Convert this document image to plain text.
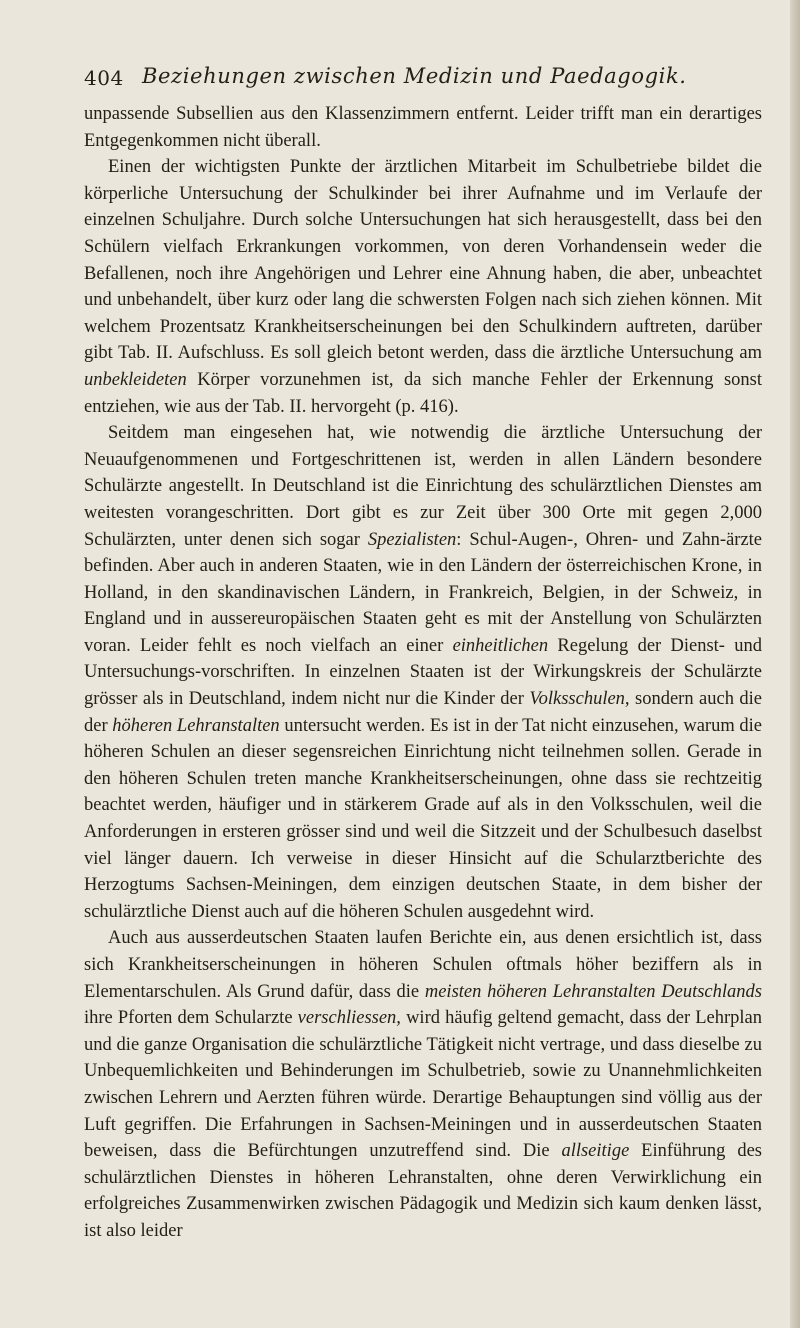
404 Beziehungen zwischen Medizin und Paedagogik.

unpassende Subsellien aus den Klassenzimmern entfernt. Leider trifft man ein derartiges Entgegenkommen nicht überall.

Einen der wichtigsten Punkte der ärztlichen Mitarbeit im Schulbetriebe bildet die körperliche Untersuchung der Schulkinder bei ihrer Aufnahme und im Verlaufe der einzelnen Schuljahre. Durch solche Untersuchungen hat sich herausgestellt, dass bei den Schülern vielfach Erkrankungen vorkommen, von deren Vorhandensein weder die Befallenen, noch ihre Angehörigen und Lehrer eine Ahnung haben, die aber, unbeachtet und unbehandelt, über kurz oder lang die schwersten Folgen nach sich ziehen können. Mit welchem Prozentsatz Krankheitserscheinungen bei den Schulkindern auftreten, darüber gibt Tab. II. Aufschluss. Es soll gleich betont werden, dass die ärztliche Untersuchung am unbekleideten Körper vorzunehmen ist, da sich manche Fehler der Erkennung sonst entziehen, wie aus der Tab. II. hervorgeht (p. 416).

Seitdem man eingesehen hat, wie notwendig die ärztliche Untersuchung der Neuaufgenommenen und Fortgeschrittenen ist, werden in allen Ländern besondere Schulärzte angestellt. In Deutschland ist die Einrichtung des schulärztlichen Dienstes am weitesten vorangeschritten. Dort gibt es zur Zeit über 300 Orte mit gegen 2,000 Schulärzten, unter denen sich sogar Spezialisten: Schul-Augen-, Ohren- und Zahn-ärzte befinden. Aber auch in anderen Staaten, wie in den Ländern der österreichischen Krone, in Holland, in den skandinavischen Ländern, in Frankreich, Belgien, in der Schweiz, in England und in aussereuropäischen Staaten geht es mit der Anstellung von Schulärzten voran. Leider fehlt es noch vielfach an einer einheitlichen Regelung der Dienst- und Untersuchungs-vorschriften. In einzelnen Staaten ist der Wirkungskreis der Schulärzte grösser als in Deutschland, indem nicht nur die Kinder der Volksschulen, sondern auch die der höheren Lehranstalten untersucht werden. Es ist in der Tat nicht einzusehen, warum die höheren Schulen an dieser segensreichen Einrichtung nicht teilnehmen sollen. Gerade in den höheren Schulen treten manche Krankheitserscheinungen, ohne dass sie rechtzeitig beachtet werden, häufiger und in stärkerem Grade auf als in den Volksschulen, weil die Anforderungen in ersteren grösser sind und weil die Sitzzeit und der Schulbesuch daselbst viel länger dauern. Ich verweise in dieser Hinsicht auf die Schularztberichte des Herzogtums Sachsen-Meiningen, dem einzigen deutschen Staate, in dem bisher der schulärztliche Dienst auch auf die höheren Schulen ausgedehnt wird.

Auch aus ausserdeutschen Staaten laufen Berichte ein, aus denen ersichtlich ist, dass sich Krankheitserscheinungen in höheren Schulen oftmals höher beziffern als in Elementarschulen. Als Grund dafür, dass die meisten höheren Lehranstalten Deutschlands ihre Pforten dem Schularzte verschliessen, wird häufig geltend gemacht, dass der Lehrplan und die ganze Organisation die schulärztliche Tätigkeit nicht vertrage, und dass dieselbe zu Unbequemlichkeiten und Behinderungen im Schulbetrieb, sowie zu Unannehmlichkeiten zwischen Lehrern und Aerzten führen würde. Derartige Behauptungen sind völlig aus der Luft gegriffen. Die Erfahrungen in Sachsen-Meiningen und in ausserdeutschen Staaten beweisen, dass die Befürchtungen unzutreffend sind. Die allseitige Einführung des schulärztlichen Dienstes in höheren Lehranstalten, ohne deren Verwirklichung ein erfolgreiches Zusammenwirken zwischen Pädagogik und Medizin sich kaum denken lässt, ist also leider
